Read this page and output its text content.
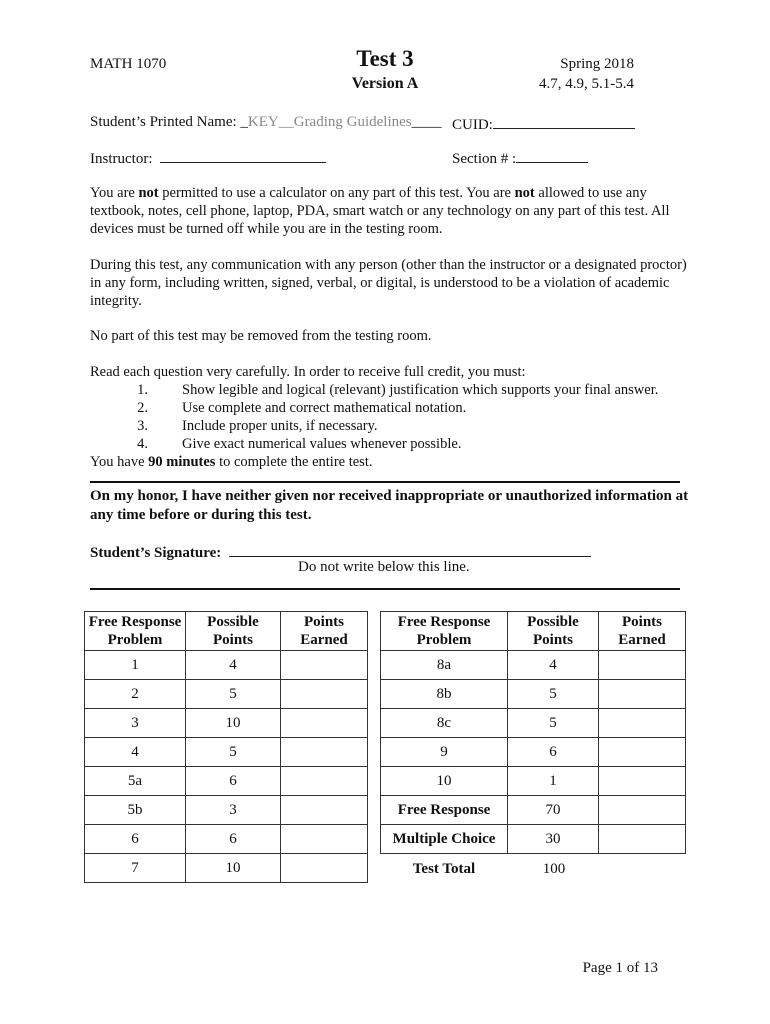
MATH 1070	Test 3
Version A
Spring 2018
4.7, 4.9, 5.1-5.4
Student’s Printed Name: _KEY__Grading Guidelines____ CUID:
Instructor:	Section # :
You are not permitted to use a calculator on any part of this test. You are not allowed to use any textbook, notes, cell phone, laptop, PDA, smart watch or any technology on any part of this test. All devices must be turned off while you are in the testing room.
During this test, any communication with any person (other than the instructor or a designated proctor) in any form, including written, signed, verbal, or digital, is understood to be a violation of academic integrity.
No part of this test may be removed from the testing room.
Read each question very carefully. In order to receive full credit, you must:
1.	Show legible and logical (relevant) justification which supports your final answer.
2.	Use complete and correct mathematical notation.
3.	Include proper units, if necessary.
4.	Give exact numerical values whenever possible.
You have 90 minutes to complete the entire test.
On my honor, I have neither given nor received inappropriate or unauthorized information at any time before or during this test.
Student’s Signature:
Do not write below this line.
Free Response Problem	Possible Points	Points Earned
1	4	
2	5	
3	10	
4	5	
5a	6	
5b	3	
6	6	
7	10	
Free Response Problem	Possible Points	Points Earned
8a	4	
8b	5	
8c	5	
9	6	
10	1	
Free Response	70	
Multiple Choice	30	
Test Total	100
Page 1 of 13
